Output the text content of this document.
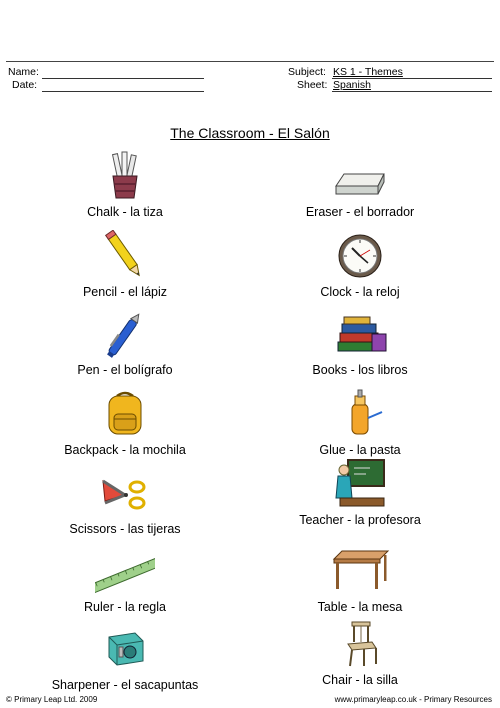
Name:
Date:
Subject: KS 1 - Themes
Sheet: Spanish
The Classroom - El Salón
Chalk - la tiza	Eraser - el borrador
Pencil - el lápiz	Clock - la reloj
Pen - el bolígrafo	Books - los libros
Backpack - la mochila	Glue - la pasta
Scissors - las tijeras
Teacher - la profesora
Ruler - la regla	Table - la mesa
Sharpener - el sacapuntas	Chair - la silla
© Primary Leap Ltd. 2009	www.primaryleap.co.uk - Primary Resources
